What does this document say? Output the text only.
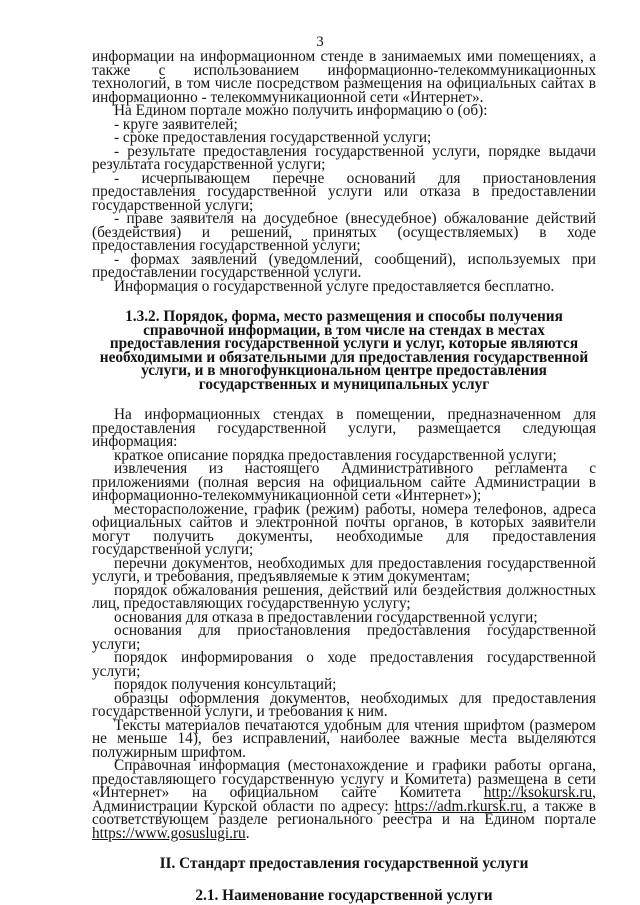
3

информации на информационном стенде в занимаемых ими помещениях, а также с использованием информационно-телекоммуникационных технологий, в том числе посредством размещения на официальных сайтах в информационно - телекоммуникационной сети «Интернет».

На Едином портале можно получить информацию о (об):

- круге заявителей;

- сроке предоставления государственной услуги;

- результате предоставления государственной услуги, порядке выдачи результата государственной услуги;

- исчерпывающем перечне оснований для приостановления предоставления государственной услуги или отказа в предоставлении государственной услуги;

- праве заявителя на досудебное (внесудебное) обжалование действий (бездействия) и решений, принятых (осуществляемых) в ходе предоставления государственной услуги;

- формах заявлений (уведомлений, сообщений), используемых при предоставлении государственной услуги.

Информация о государственной услуге предоставляется бесплатно.

1.3.2. Порядок, форма, место размещения и способы получения справочной информации, в том числе на стендах в местах предоставления государственной услуги и услуг, которые являются необходимыми и обязательными для предоставления государственной услуги, и в многофункциональном центре предоставления государственных и муниципальных услуг

На информационных стендах в помещении, предназначенном для предоставления государственной услуги, размещается следующая информация:

краткое описание порядка предоставления государственной услуги;

извлечения из настоящего Административного регламента с приложениями (полная версия на официальном сайте Администрации в информационно-телекоммуникационной сети «Интернет»);

месторасположение, график (режим) работы, номера телефонов, адреса официальных сайтов и электронной почты органов, в которых заявители могут получить документы, необходимые для предоставления государственной услуги;

перечни документов, необходимых для предоставления государственной услуги, и требования, предъявляемые к этим документам;

порядок обжалования решения, действий или бездействия должностных лиц, предоставляющих государственную услугу;

основания для отказа в предоставлении государственной услуги;

основания для приостановления предоставления государственной услуги;

порядок информирования о ходе предоставления государственной услуги;

порядок получения консультаций;

образцы оформления документов, необходимых для предоставления государственной услуги, и требования к ним.

Тексты материалов печатаются удобным для чтения шрифтом (размером не меньше 14), без исправлений, наиболее важные места выделяются полужирным шрифтом.

Справочная информация (местонахождение и графики работы органа, предоставляющего государственную услугу и Комитета) размещена в сети «Интернет» на официальном сайте Комитета http://ksokursk.ru, Администрации Курской области по адресу: https://adm.rkursk.ru, а также в соответствующем разделе регионального реестра и на Едином портале https://www.gosuslugi.ru.

II. Стандарт предоставления государственной услуги

2.1. Наименование государственной услуги
